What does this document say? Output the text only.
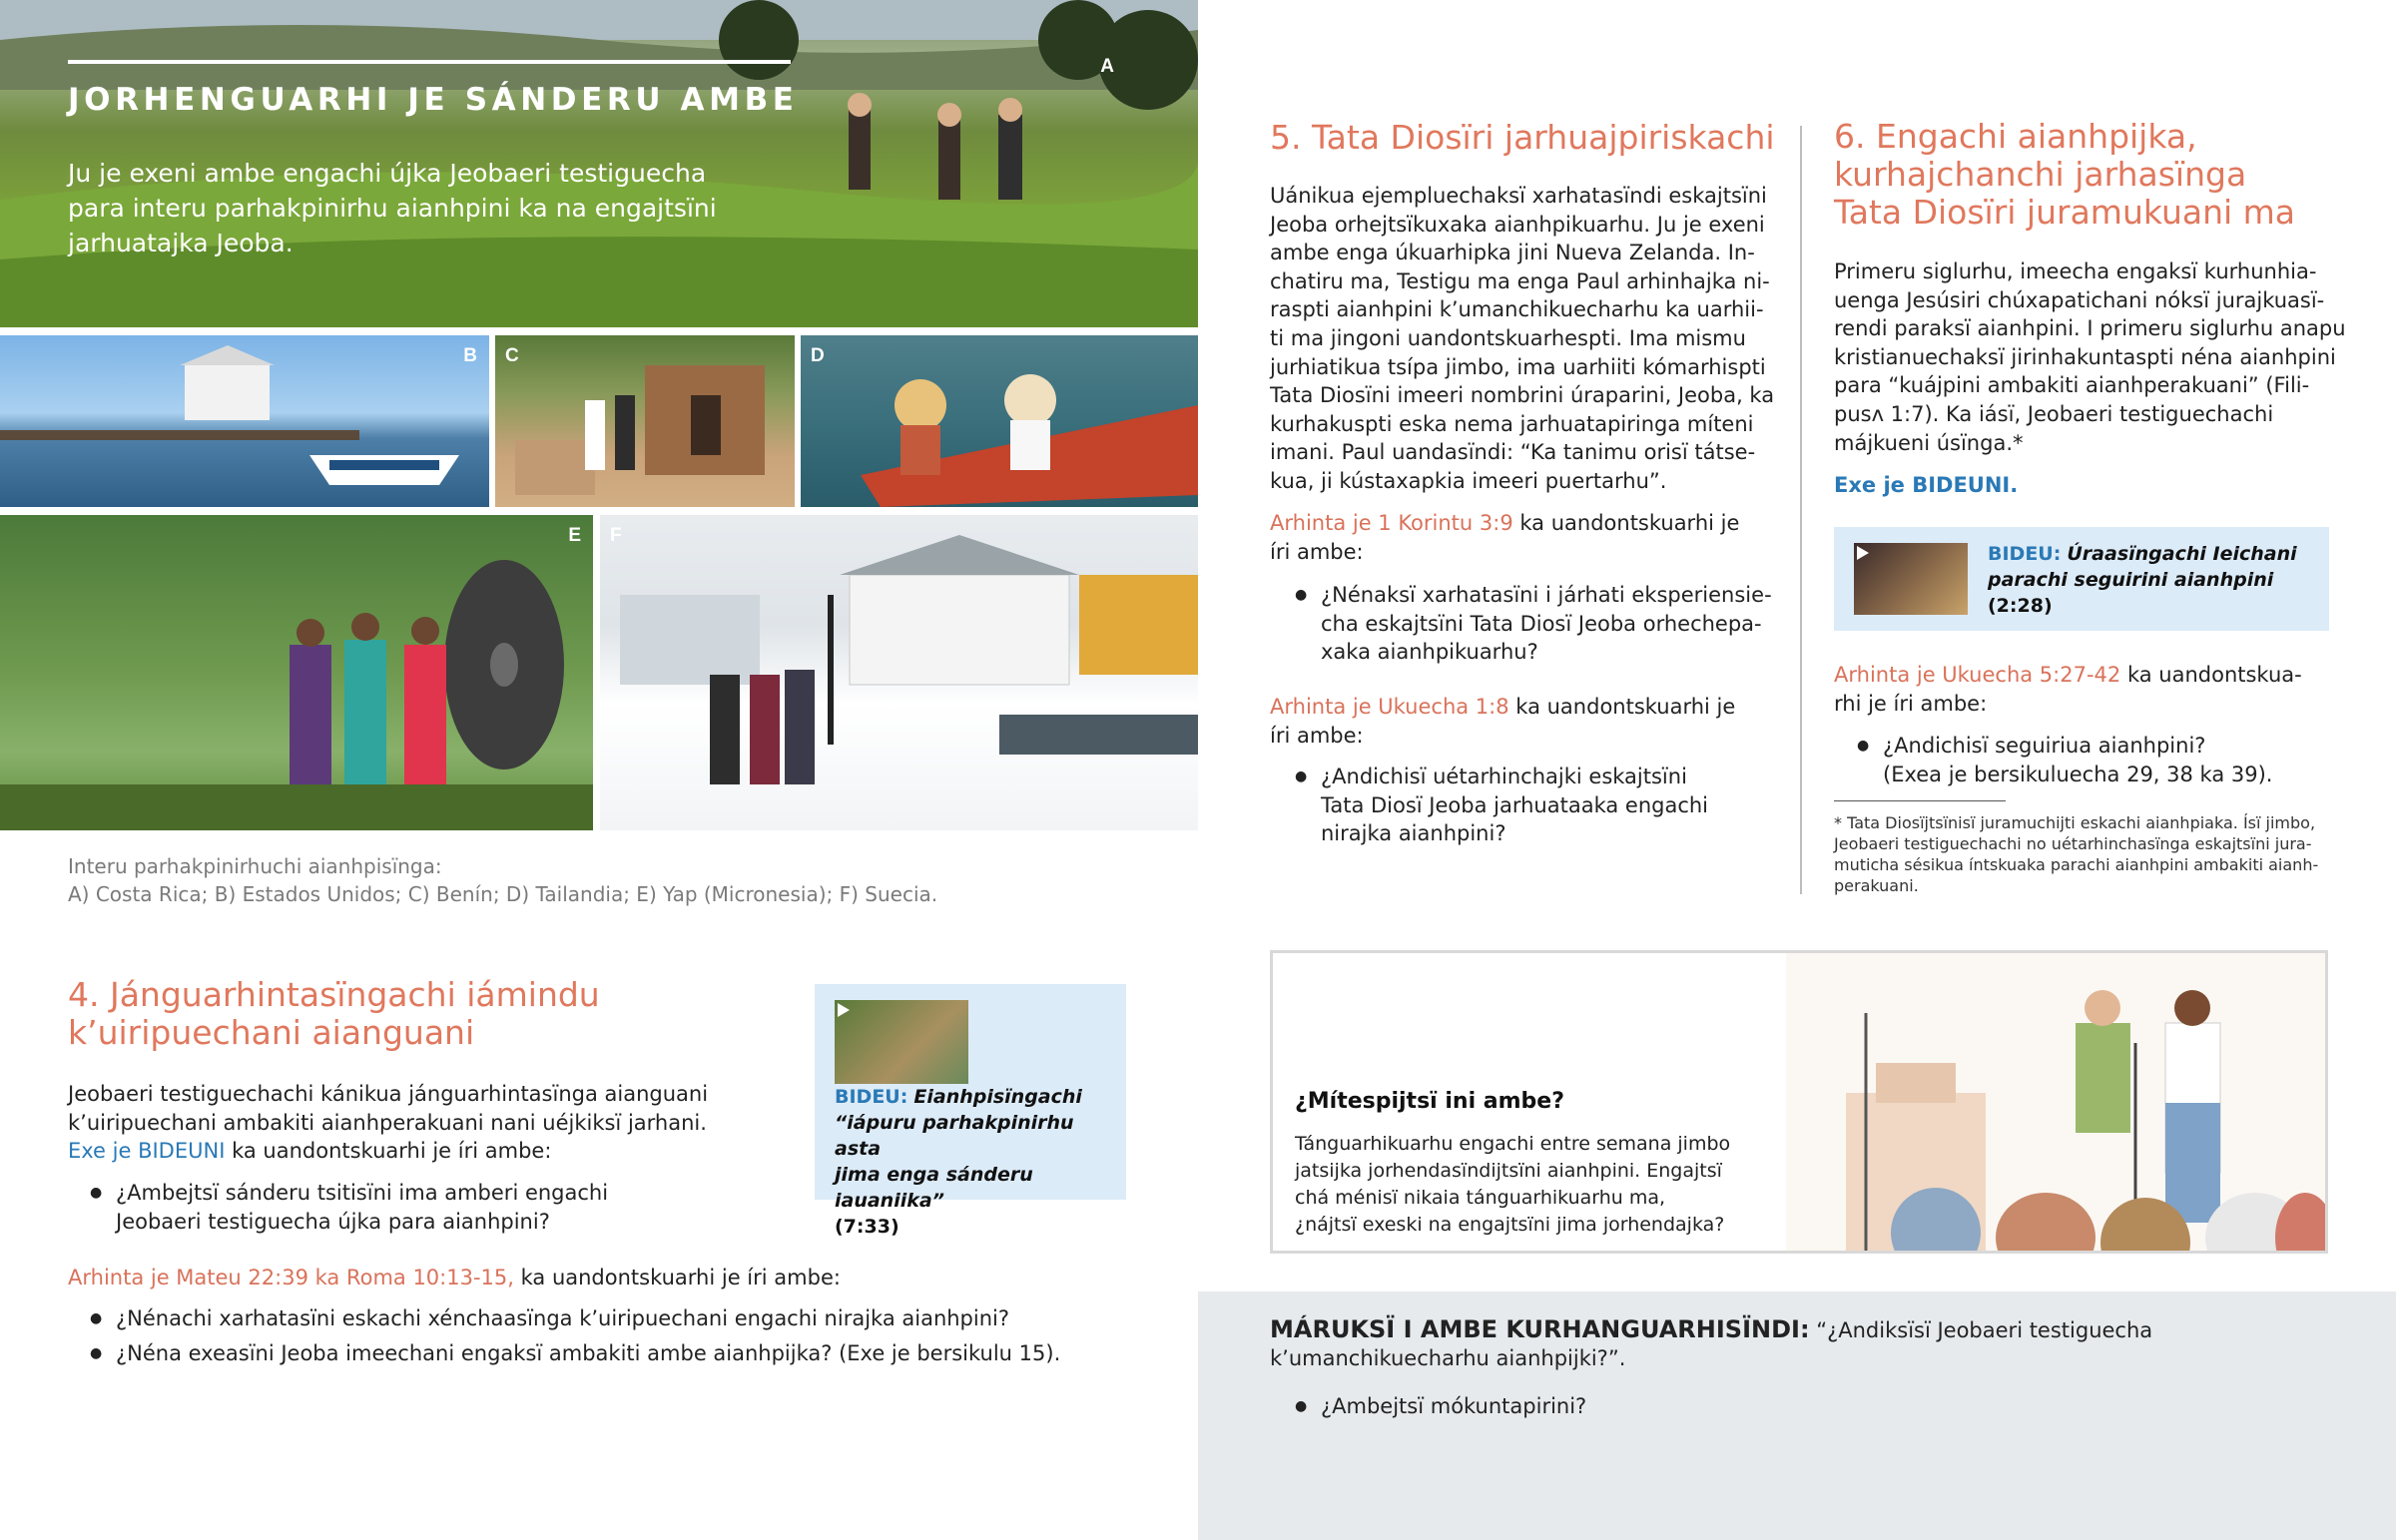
JORHENGUARHI JE SÁNDERU AMBE
Ju je exeni ambe engachi újka Jeobaeri testiguecha para interu parhakpinirhu aianhpini ka na engajtsïni jarhuatajka Jeoba.
A
B C	D
E F
Interu parhakpinirhuchi aianhpisïnga:
A) Costa Rica; B) Estados Unidos; C) Benín; D) Tailandia; E) Yap (Micronesia); F) Suecia.
4. Jánguarhintasïngachi iámindu
k’uiripuechani aianguani
Jeobaeri testiguechachi kánikua jánguarhintasïnga aianguani
k’uiripuechani ambakiti aianhperakuani nani uéjkiksï jarhani.
Exe je BIDEUNI ka uandontskuarhi je íri ambe:
● ¿Ambejtsï sánderu tsitisïni ima amberi engachi
Jeobaeri testiguecha újka para aianhpini?
Arhinta je Mateu 22:39 ka Roma 10:13-15, ka uandontskuarhi je íri ambe:
● ¿Nénachi xarhatasïni eskachi xénchaasïnga k’uiripuechani engachi nirajka aianhpini?
● ¿Néna exeasïni Jeoba imeechani engaksï ambakiti ambe aianhpijka? (Exe je bersikulu 15).
BIDEU: Eianhpisïngachi
“iápuru parhakpinirhu asta
jima enga sánderu iauaniika”
(7:33)
5. Tata Diosïri jarhuajpiriskachi
Uánikua ejempluechaksï xarhatasïndi eskajtsïni
Jeoba orhejtsïkuxaka aianhpikuarhu. Ju je exeni
ambe enga úkuarhipka jini Nueva Zelanda. In-
chatiru ma, Testigu ma enga Paul arhinhajka ni-
raspti aianhpini k’umanchikuecharhu ka uarhii-
ti ma jingoni uandontskuarhespti. Ima mismu
jurhiatikua tsípa jimbo, ima uarhiiti kómarhispti
Tata Diosïni imeeri nombrini úraparini, Jeoba, ka
kurhakuspti eska nema jarhuatapiringa míteni
imani. Paul uandasïndi: “Ka tanimu orisï tátse-
kua, ji kústaxapkia imeeri puertarhu”.
Arhinta je 1 Korintu 3:9 ka uandontskuarhi je
íri ambe:
● ¿Nénaksï xarhatasïni i járhati eksperiensie-
cha eskajtsïni Tata Diosï Jeoba orhechepa-
xaka aianhpikuarhu?
Arhinta je Ukuecha 1:8 ka uandontskuarhi je
íri ambe:
● ¿Andichisï uétarhinchajki eskajtsïni
Tata Diosï Jeoba jarhuataaka engachi
nirajka aianhpini?
6. Engachi aianhpijka,
kurhajchanchi jarhasïnga
Tata Diosïri juramukuani ma
Primeru siglurhu, imeecha engaksï kurhunhia-
uenga Jesúsiri chúxapatichani nóksï jurajkuasï-
rendi paraksï aianhpini. I primeru siglurhu anapu
kristianuechaksï jirinhakuntaspti néna aianhpini
para “kuájpini ambakiti aianhperakuani” (Fili-
pusʌ 1:7). Ka iásï, Jeobaeri testiguechachi
májkueni úsïnga.*
Exe je BIDEUNI.
BIDEU: Úraasïngachi Ieichani
parachi seguirini aianhpini (2:28)
Arhinta je Ukuecha 5:27-42 ka uandontskua-
rhi je íri ambe:
● ¿Andichisï seguiriua aianhpini?
(Exea je bersikuluecha 29, 38 ka 39).
* Tata Diosïjtsïnisï juramuchijti eskachi aianhpiaka. Ísï jimbo,
Jeobaeri testiguechachi no uétarhinchasïnga eskajtsïni jura-
muticha sésikua íntskuaka parachi aianhpini ambakiti aianh-
perakuani.
¿Mítespijtsï ini ambe?
Tánguarhikuarhu engachi entre semana jimbo
jatsijka jorhendasïndijtsïni aianhpini. Engajtsï
chá ménisï nikaia tánguarhikuarhu ma,
¿nájtsï exeski na engajtsïni jima jorhendajka?
MÁRUKSÏ I AMBE KURHANGUARHISÏNDI: “¿Andiksïsï Jeobaeri testiguecha
k’umanchikuecharhu aianhpijki?”.
● ¿Ambejtsï mókuntapirini?
